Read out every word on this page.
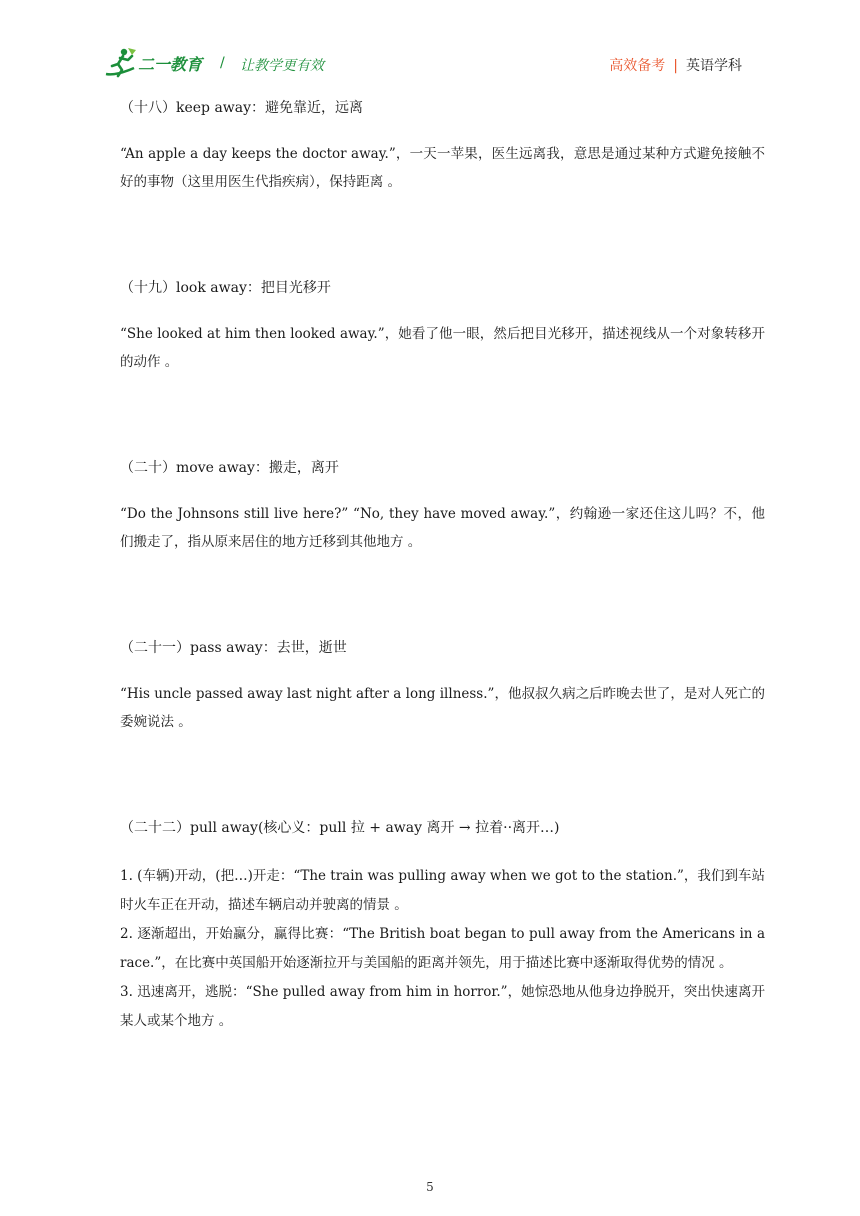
二一教育 / 让教学更有效	高效备考 | 英语学科
（十八）keep away：避免靠近，远离
“An apple a day keeps the doctor away.”，一天一苹果，医生远离我，意思是通过某种方式避免接触不好的事物（这里用医生代指疾病），保持距离 。
（十九）look away：把目光移开
“She looked at him then looked away.”，她看了他一眼，然后把目光移开，描述视线从一个对象转移开的动作 。
（二十）move away：搬走，离开
“Do the Johnsons still live here?” “No, they have moved away.”，约翰逊一家还住这儿吗？不，他们搬走了，指从原来居住的地方迁移到其他地方 。
（二十一）pass away：去世，逝世
“His uncle passed away last night after a long illness.”，他叔叔久病之后昨晚去世了，是对人死亡的委婉说法 。
（二十二）pull away(核心义：pull 拉 + away 离开 → 拉着··离开…)
1. (车辆)开动，(把…)开走：“The train was pulling away when we got to the station.”，我们到车站时火车正在开动，描述车辆启动并驶离的情景 。
2. 逐渐超出，开始赢分，赢得比赛：“The British boat began to pull away from the Americans in a race.”，在比赛中英国船开始逐渐拉开与美国船的距离并领先，用于描述比赛中逐渐取得优势的情况 。
3. 迅速离开，逃脱：“She pulled away from him in horror.”，她惊恐地从他身边挣脱开，突出快速离开某人或某个地方 。
5
